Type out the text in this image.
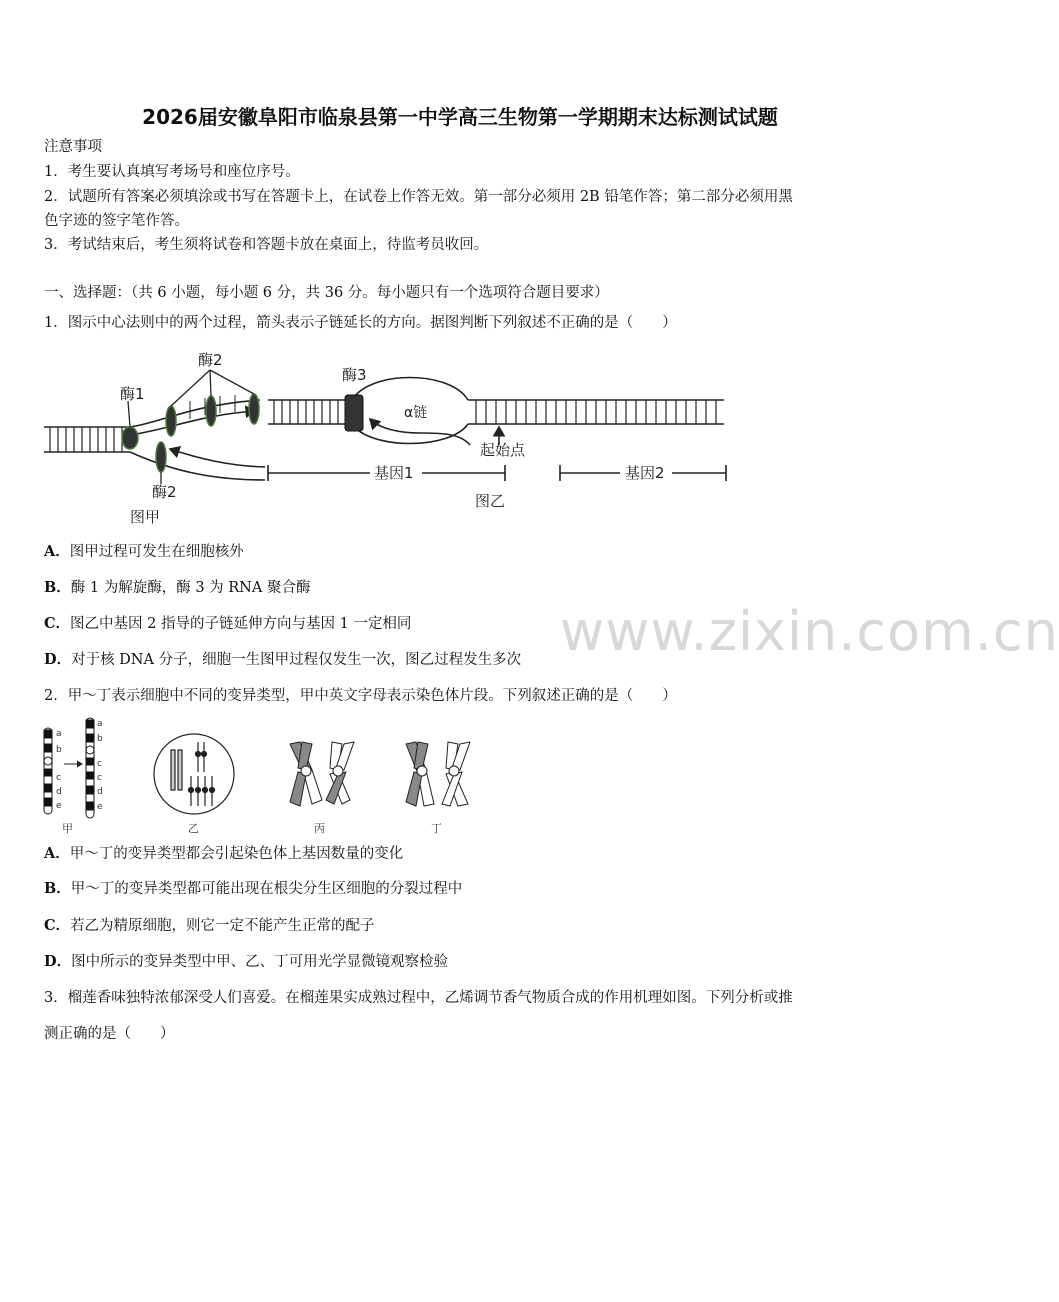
2026届安徽阜阳市临泉县第一中学高三生物第一学期期末达标测试试题
注意事项
1．考生要认真填写考场号和座位序号。
2．试题所有答案必须填涂或书写在答题卡上，在试卷上作答无效。第一部分必须用 2B 铅笔作答；第二部分必须用黑
色字迹的签字笔作答。
3．考试结束后，考生须将试卷和答题卡放在桌面上，待监考员收回。
一、选择题：（共 6 小题，每小题 6 分，共 36 分。每小题只有一个选项符合题目要求）
1．图示中心法则中的两个过程，箭头表示子链延长的方向。据图判断下列叙述不正确的是（　　）
酶1
酶2
酶2
图甲
酶3
α链
起始点
基因1	基因2
图乙
A．图甲过程可发生在细胞核外
B．酶 1 为解旋酶，酶 3 为 RNA 聚合酶
C．图乙中基因 2 指导的子链延伸方向与基因 1 一定相同
D．对于核 DNA 分子，细胞一生图甲过程仅发生一次，图乙过程发生多次
2．甲～丁表示细胞中不同的变异类型，甲中英文字母表示染色体片段。下列叙述正确的是（　　）
a
b
c
d
e
a
b
c
c
d
e
甲	乙	丙	丁
A．甲～丁的变异类型都会引起染色体上基因数量的变化
B．甲～丁的变异类型都可能出现在根尖分生区细胞的分裂过程中
C．若乙为精原细胞，则它一定不能产生正常的配子
D．图中所示的变异类型中甲、乙、丁可用光学显微镜观察检验
3．榴莲香味独特浓郁深受人们喜爱。在榴莲果实成熟过程中，乙烯调节香气物质合成的作用机理如图。下列分析或推
测正确的是（　　）
www.zixin.com.cn
